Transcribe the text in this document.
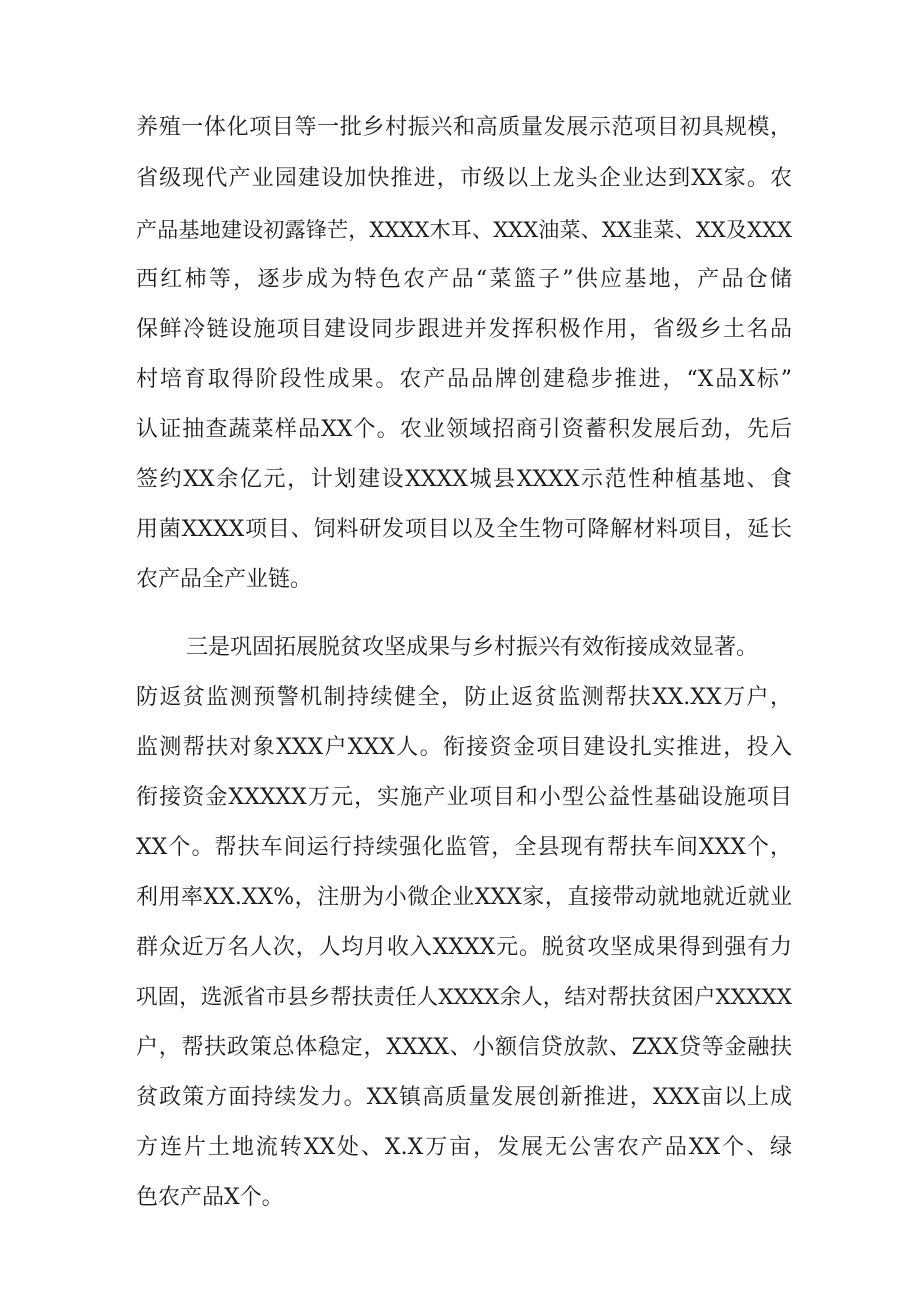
养殖一体化项目等一批乡村振兴和高质量发展示范项目初具规模，
省级现代产业园建设加快推进，市级以上龙头企业达到XX家。农
产品基地建设初露锋芒，XXXX木耳、XXX油菜、XX韭菜、XX及XXX
西红柿等，逐步成为特色农产品“菜篮子”供应基地，产品仓储
保鲜冷链设施项目建设同步跟进并发挥积极作用，省级乡土名品
村培育取得阶段性成果。农产品品牌创建稳步推进，“X品X标”
认证抽查蔬菜样品XX个。农业领域招商引资蓄积发展后劲，先后
签约XX余亿元，计划建设XXXX城县XXXX示范性种植基地、食
用菌XXXX项目、饲料研发项目以及全生物可降解材料项目，延长
农产品全产业链。
三是巩固拓展脱贫攻坚成果与乡村振兴有效衔接成效显著。
防返贫监测预警机制持续健全，防止返贫监测帮扶XX.XX万户，
监测帮扶对象XXX户XXX人。衔接资金项目建设扎实推进，投入
衔接资金XXXXX万元，实施产业项目和小型公益性基础设施项目
XX个。帮扶车间运行持续强化监管，全县现有帮扶车间XXX个，
利用率XX.XX%，注册为小微企业XXX家，直接带动就地就近就业
群众近万名人次，人均月收入XXXX元。脱贫攻坚成果得到强有力
巩固，选派省市县乡帮扶责任人XXXX余人，结对帮扶贫困户XXXXX
户，帮扶政策总体稳定，XXXX、小额信贷放款、ZXX贷等金融扶
贫政策方面持续发力。XX镇高质量发展创新推进，XXX亩以上成
方连片土地流转XX处、X.X万亩，发展无公害农产品XX个、绿
色农产品X个。
